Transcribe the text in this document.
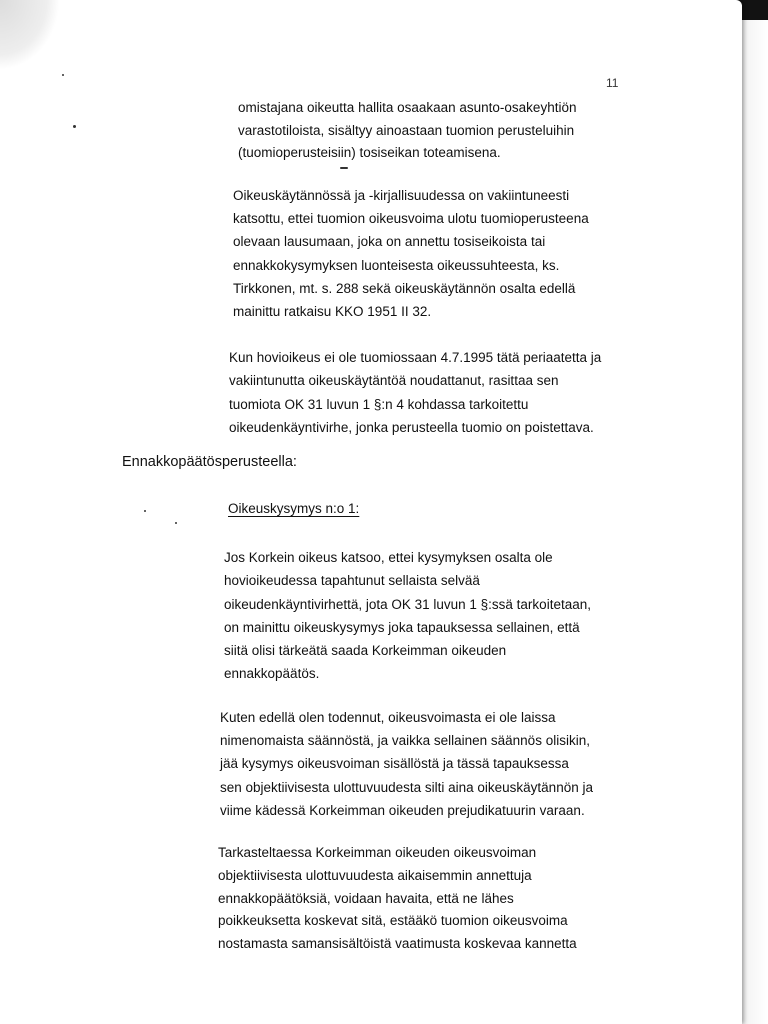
11

omistajana oikeutta hallita osaakaan asunto-osakeyhtiön
varastotiloista, sisältyy ainoastaan tuomion perusteluihin
(tuomioperusteisiin) tosiseikan toteamisena.

Oikeuskäytännössä ja -kirjallisuudessa on vakiintuneesti
katsottu, ettei tuomion oikeusvoima ulotu tuomioperusteena
olevaan lausumaan, joka on annettu tosiseikoista tai
ennakkokysymyksen luonteisesta oikeussuhteesta, ks.
Tirkkonen, mt. s. 288 sekä oikeuskäytännön osalta edellä
mainittu ratkaisu KKO 1951 II 32.

Kun hovioikeus ei ole tuomiossaan 4.7.1995 tätä periaatetta ja
vakiintunutta oikeuskäytäntöä noudattanut, rasittaa sen
tuomiota OK 31 luvun 1 §:n 4 kohdassa tarkoitettu
oikeudenkäyntivirhe, jonka perusteella tuomio on poistettava.

Ennakkopäätösperusteella:
Oikeuskysymys n:o 1:

Jos Korkein oikeus katsoo, ettei kysymyksen osalta ole
hovioikeudessa tapahtunut sellaista selvää
oikeudenkäyntivirhettä, jota OK 31 luvun 1 §:ssä tarkoitetaan,
on mainittu oikeuskysymys joka tapauksessa sellainen, että
siitä olisi tärkeätä saada Korkeimman oikeuden
ennakkopäätös.

Kuten edellä olen todennut, oikeusvoimasta ei ole laissa
nimenomaista säännöstä, ja vaikka sellainen säännös olisikin,
jää kysymys oikeusvoiman sisällöstä ja tässä tapauksessa
sen objektiivisesta ulottuvuudesta silti aina oikeuskäytännön ja
viime kädessä Korkeimman oikeuden prejudikatuurin varaan.

Tarkasteltaessa Korkeimman oikeuden oikeusvoiman
objektiivisesta ulottuvuudesta aikaisemmin annettuja
ennakkopäätöksiä, voidaan havaita, että ne lähes
poikkeuksetta koskevat sitä, estääkö tuomion oikeusvoima
nostamasta samansisältöistä vaatimusta koskevaa kannetta
